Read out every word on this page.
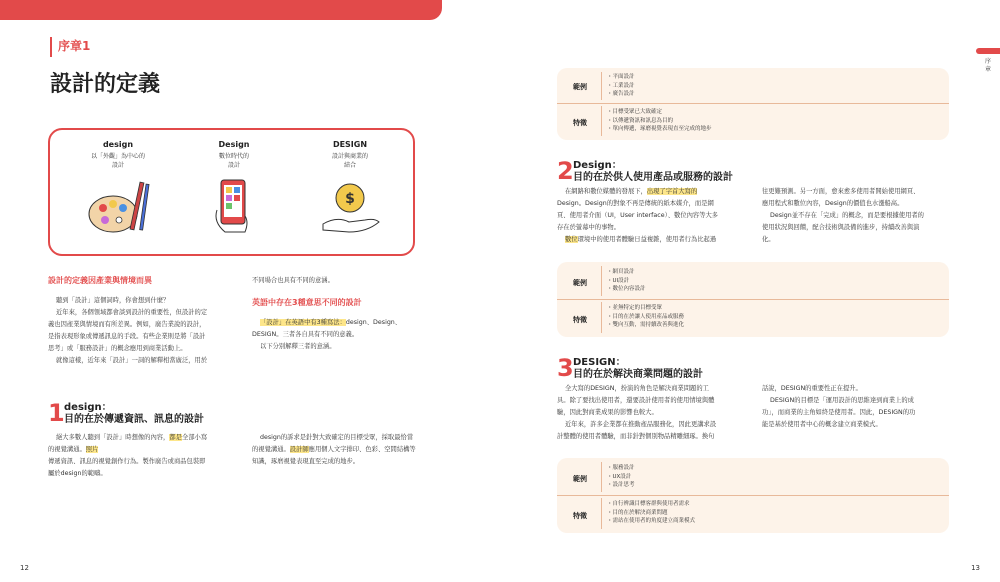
序章1
設計的定義
design
以「外觀」為中心的
設計
Design
數位時代的
設計
DESIGN
設計與商業的
結合
$
設計的定義因產業與情境而異
聽到「設計」這個詞時，你會想到什麼？
近年來，各個領域都會談到設計的重要性，但設計的定
義也因產業與情境而有所差異。例如，廣告業說的設計，
是指表現形象或傳遞訊息的手段。有些企業則是將「設計
思考」或「服務設計」的概念應用到商業活動上。
就像這樣，近年來「設計」一詞的解釋相當廣泛，用於
不同場合也具有不同的意涵。
英語中存在3種意思不同的設計
「設計」在英語中有3種寫法：design、Design、
DESIGN。三者各自具有不同的意義。
以下分別解釋三者的意涵。
1 design：
目的在於傳遞資訊、訊息的設計
絕大多數人聽到「設計」時想像的內容，都是全部小寫
的視覺溝通。照片
傳遞資訊、訊息的視覺創作行為。製作廣告或商品包裝即
屬於design的範疇。
design的訴求是針對大致確定的目標受眾，採取最恰當
的視覺溝通。設計師應用個人文字排印、色彩、空間結構等
知識，琢磨視覺表現直至完成的地步。
12
序章
13
範例
・平面設計
・工業設計
・廣告設計
特徵
・目標受眾已大致確定
・以傳遞資訊和訊息為目的
・單向傳遞，琢磨視覺表現直至完成的地步
2 Design：
目的在於供人使用產品或服務的設計
在網路和數位媒體的發展下，出現了字首大寫的
Design。Design的對象不再是傳統的紙本媒介，而是網
頁、使用者介面（UI，User interface）、數位內容等大多
存在於螢幕中的事物。
數位環境中的使用者體驗日益複雜，使用者行為比起過
往更難預測。另一方面，愈來愈多使用者開始使用網頁、
應用程式和數位內容，Design的價值也水漲船高。
Design並不存在「完成」的概念，而是要根據使用者的
使用狀況與回饋，配合技術與設備的進步，持續改善與演
化。
範例
・網頁設計
・UI設計
・數位內容設計
特徵
・並無特定的目標受眾
・目的在於讓人使用產品或服務
・雙向互動，需持續改善與進化
3 DESIGN：
目的在於解決商業問題的設計
全大寫的DESIGN，扮演的角色是解決商業問題的工
具。除了要找出使用者，還要設計使用者的使用情境與體
驗，因此對商業成果的影響也較大。
近年來，許多企業都在推動產品服務化，因此更講求設
計整體的使用者體驗，而非針對個別物品精雕細琢。換句
話說，DESIGN的重要性正在提升。
DESIGN的目標是「運用設計的思維達到商業上的成
功」，而商業的主角如終是使用者。因此，DESIGN的功
能是基於使用者中心的概念建立商業模式。
範例
・服務設計
・UX設計
・設計思考
特徵
・自行辨識目標客群與使用者需求
・目的在於解決商業問題
・需站在使用者的角度建立商業模式
